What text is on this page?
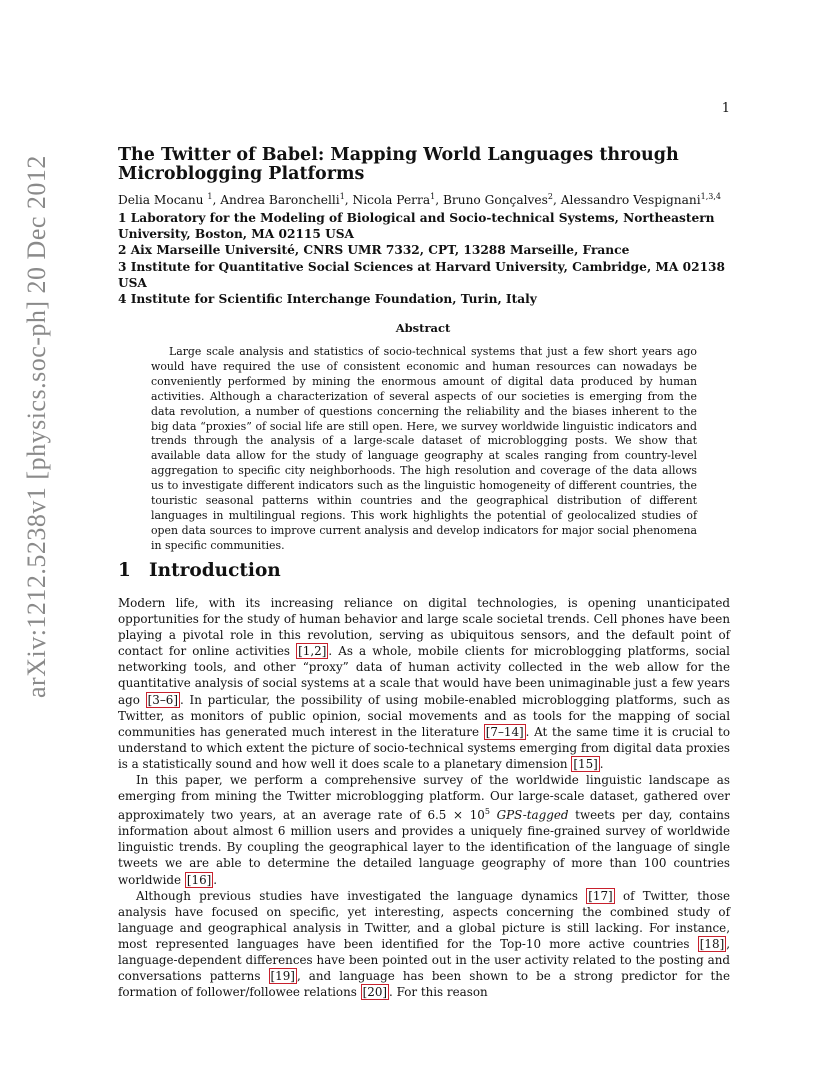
1
arXiv:1212.5238v1 [physics.soc-ph] 20 Dec 2012
The Twitter of Babel: Mapping World Languages through Microblogging Platforms
Delia Mocanu $^1$, Andrea Baronchelli$^1$, Nicola Perra$^1$, Bruno Gonçalves$^2$, Alessandro Vespignani$^{1,3,4}$
1 Laboratory for the Modeling of Biological and Socio-technical Systems, Northeastern University, Boston, MA 02115 USA
2 Aix Marseille Université, CNRS UMR 7332, CPT, 13288 Marseille, France
3 Institute for Quantitative Social Sciences at Harvard University, Cambridge, MA 02138 USA
4 Institute for Scientific Interchange Foundation, Turin, Italy
Abstract
Large scale analysis and statistics of socio-technical systems that just a few short years ago would have required the use of consistent economic and human resources can nowadays be conveniently performed by mining the enormous amount of digital data produced by human activities. Although a characterization of several aspects of our societies is emerging from the data revolution, a number of questions concerning the reliability and the biases inherent to the big data “proxies” of social life are still open. Here, we survey worldwide linguistic indicators and trends through the analysis of a large-scale dataset of microblogging posts. We show that available data allow for the study of language geography at scales ranging from country-level aggregation to specific city neighborhoods. The high resolution and coverage of the data allows us to investigate different indicators such as the linguistic homogeneity of different countries, the touristic seasonal patterns within countries and the geographical distribution of different languages in multilingual regions. This work highlights the potential of geolocalized studies of open data sources to improve current analysis and develop indicators for major social phenomena in specific communities.
1 Introduction

Modern life, with its increasing reliance on digital technologies, is opening unanticipated opportunities for the study of human behavior and large scale societal trends. Cell phones have been playing a pivotal role in this revolution, serving as ubiquitous sensors, and the default point of contact for online activities [1,2] . As a whole, mobile clients for microblogging platforms, social networking tools, and other “proxy” data of human activity collected in the web allow for the quantitative analysis of social systems at a scale that would have been unimaginable just a few years ago [3–6] . In particular, the possibility of using mobile-enabled microblogging platforms, such as Twitter, as monitors of public opinion, social movements and as tools for the mapping of social communities has generated much interest in the literature [7–14] . At the same time it is crucial to understand to which extent the picture of socio-technical systems emerging from digital data proxies is a statistically sound and how well it does scale to a planetary dimension [15] .

In this paper, we perform a comprehensive survey of the worldwide linguistic landscape as emerging from mining the Twitter microblogging platform. Our large-scale dataset, gathered over approximately two years, at an average rate of $6.5 \times 10^5$ GPS-tagged tweets per day, contains information about almost 6 million users and provides a uniquely fine-grained survey of worldwide linguistic trends. By coupling the geographical layer to the identification of the language of single tweets we are able to determine the detailed language geography of more than 100 countries worldwide [16] .

Although previous studies have investigated the language dynamics [17] of Twitter, those analysis have focused on specific, yet interesting, aspects concerning the combined study of language and geographical analysis in Twitter, and a global picture is still lacking. For instance, most represented languages have been identified for the Top-10 more active countries [18] , language-dependent differences have been pointed out in the user activity related to the posting and conversations patterns [19] , and language has been shown to be a strong predictor for the formation of follower/followee relations [20] . For this reason
